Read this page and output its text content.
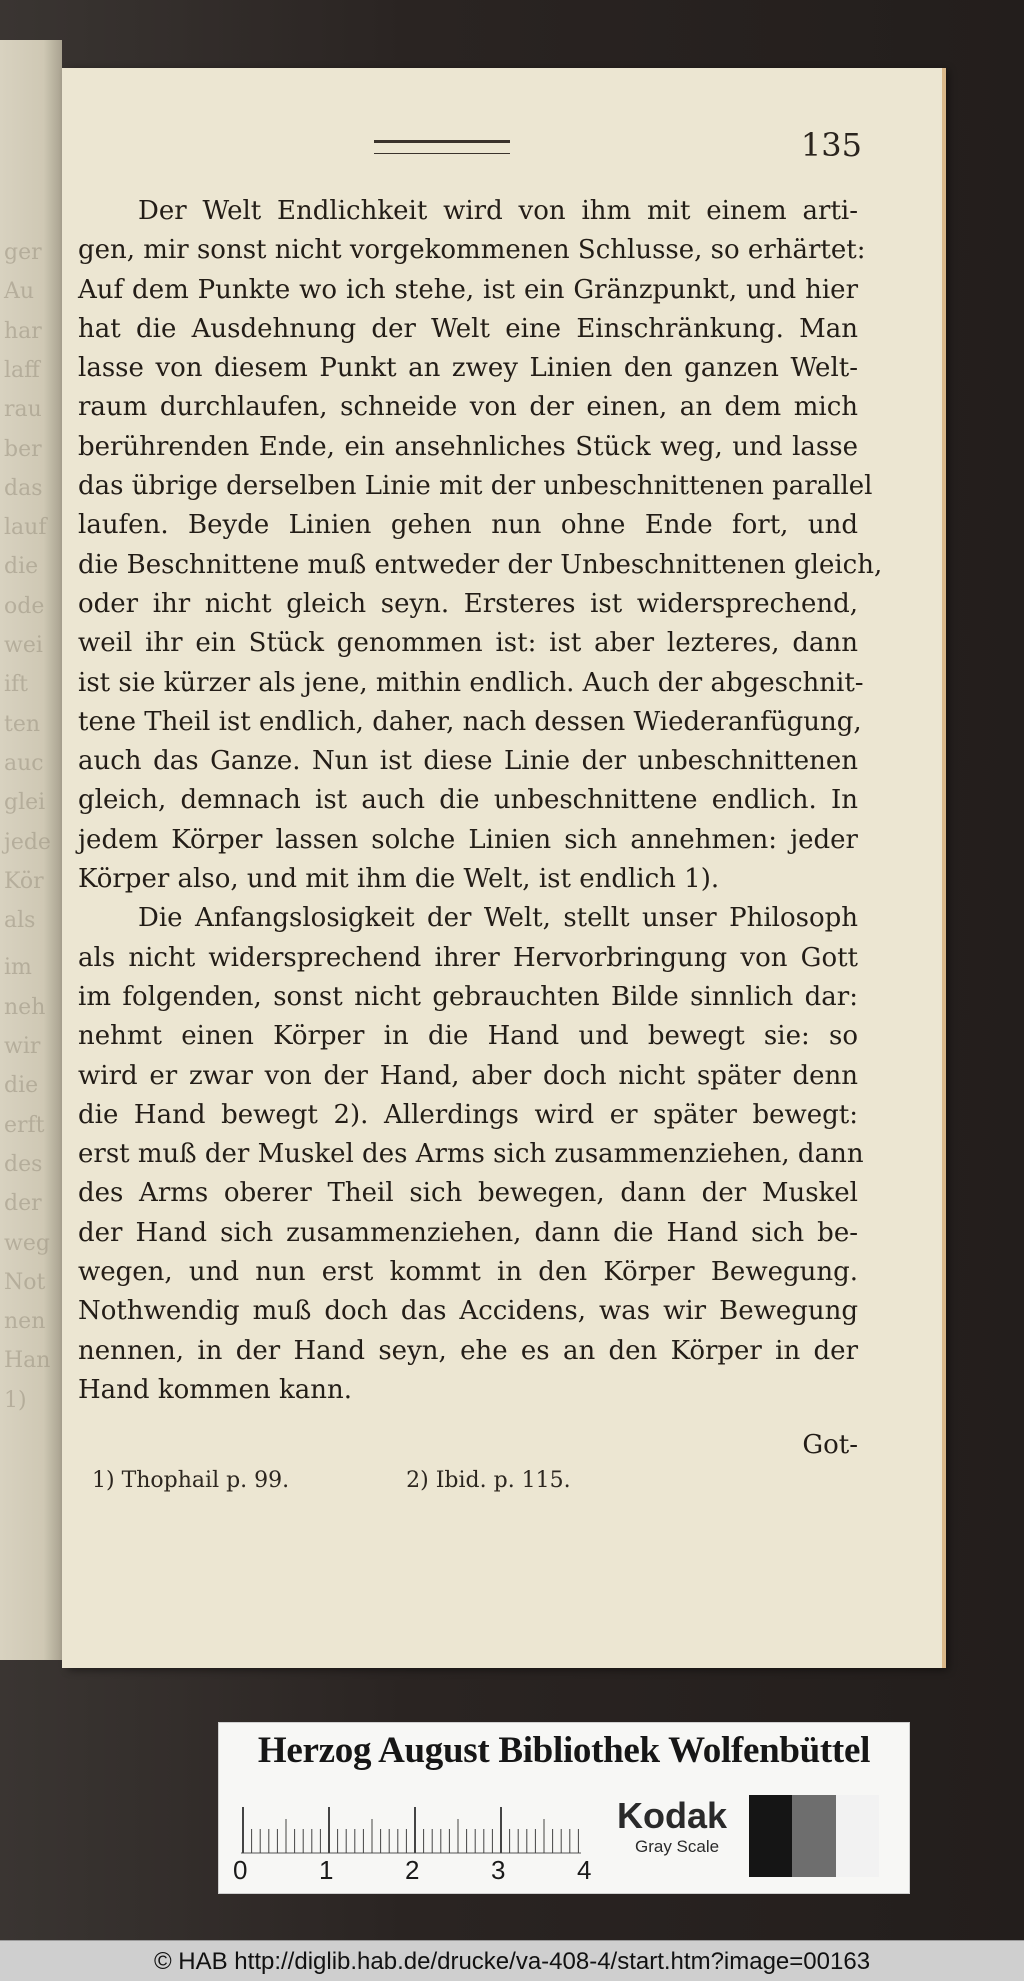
ger
Au
har
laff
rau
ber
das
lauf
die
ode
wei
ift
ten
auc
glei
jede
Kör
als
im
neh
wir
die
erft
des
der
weg
Not
nen
Han
1)
135
Der Welt Endlichkeit wird von ihm mit einem arti-
gen, mir sonst nicht vorgekommenen Schlusse, so erhärtet:
Auf dem Punkte wo ich stehe, ist ein Gränzpunkt, und hier
hat die Ausdehnung der Welt eine Einschränkung. Man
lasse von diesem Punkt an zwey Linien den ganzen Welt-
raum durchlaufen, schneide von der einen, an dem mich
berührenden Ende, ein ansehnliches Stück weg, und lasse
das übrige derselben Linie mit der unbeschnittenen parallel
laufen. Beyde Linien gehen nun ohne Ende fort, und
die Beschnittene muß entweder der Unbeschnittenen gleich,
oder ihr nicht gleich seyn. Ersteres ist widersprechend,
weil ihr ein Stück genommen ist: ist aber lezteres, dann
ist sie kürzer als jene, mithin endlich. Auch der abgeschnit-
tene Theil ist endlich, daher, nach dessen Wiederanfügung,
auch das Ganze. Nun ist diese Linie der unbeschnittenen
gleich, demnach ist auch die unbeschnittene endlich. In
jedem Körper lassen solche Linien sich annehmen: jeder
Körper also, und mit ihm die Welt, ist endlich 1).
Die Anfangslosigkeit der Welt, stellt unser Philosoph
als nicht widersprechend ihrer Hervorbringung von Gott
im folgenden, sonst nicht gebrauchten Bilde sinnlich dar:
nehmt einen Körper in die Hand und bewegt sie: so
wird er zwar von der Hand, aber doch nicht später denn
die Hand bewegt 2). Allerdings wird er später bewegt:
erst muß der Muskel des Arms sich zusammenziehen, dann
des Arms oberer Theil sich bewegen, dann der Muskel
der Hand sich zusammenziehen, dann die Hand sich be-
wegen, und nun erst kommt in den Körper Bewegung.
Nothwendig muß doch das Accidens, was wir Bewegung
nennen, in der Hand seyn, ehe es an den Körper in der
Hand kommen kann.
Got-
1) Thophail p. 99.	2) Ibid. p. 115.
Herzog August Bibliothek Wolfenbüttel
0	1	2	3	4
Kodak
Gray Scale
© HAB http://diglib.hab.de/drucke/va-408-4/start.htm?image=00163
